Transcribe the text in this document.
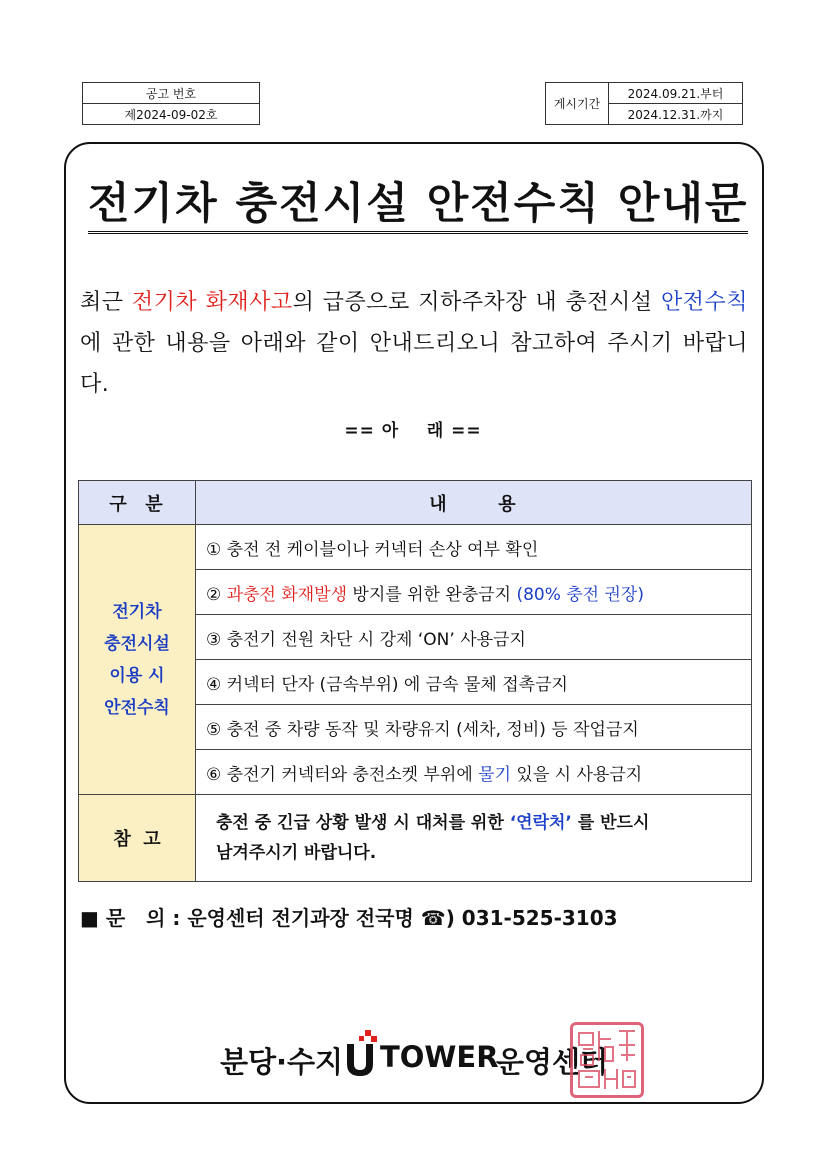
공고 번호
제2024-09-02호
게시기간	2024.09.21.부터
2024.12.31.까지
전기차 충전시설 안전수칙 안내문
최근 전기차 화재사고의 급증으로 지하주차장 내 충전시설 안전수칙에 관한 내용을 아래와 같이 안내드리오니 참고하여 주시기 바랍니다.
== 아    래 ==
구  분	내      용

전기차
충전시설
이용 시
안전수칙	① 충전 전 케이블이나 커넥터 손상 여부 확인
	② 과충전 화재발생 방지를 위한 완충금지 (80% 충전 권장)
	③ 충전기 전원 차단 시 강제 ‘ON’ 사용금지
	④ 커넥터 단자 (금속부위) 에 금속 물체 접촉금지
	⑤ 충전 중 차량 동작 및 차량유지 (세차, 정비) 등 작업금지
	⑥ 충전기 커넥터와 충전소켓 부위에 물기 있을 시 사용금지
참  고	충전 중 긴급 상황 발생 시 대처를 위한 ‘연락처’ 를 반드시
남겨주시기 바랍니다.
■ 문   의 : 운영센터 전기과장 전국명 ☎) 031-525-3103
분당·수지 TOWER
운영센터
